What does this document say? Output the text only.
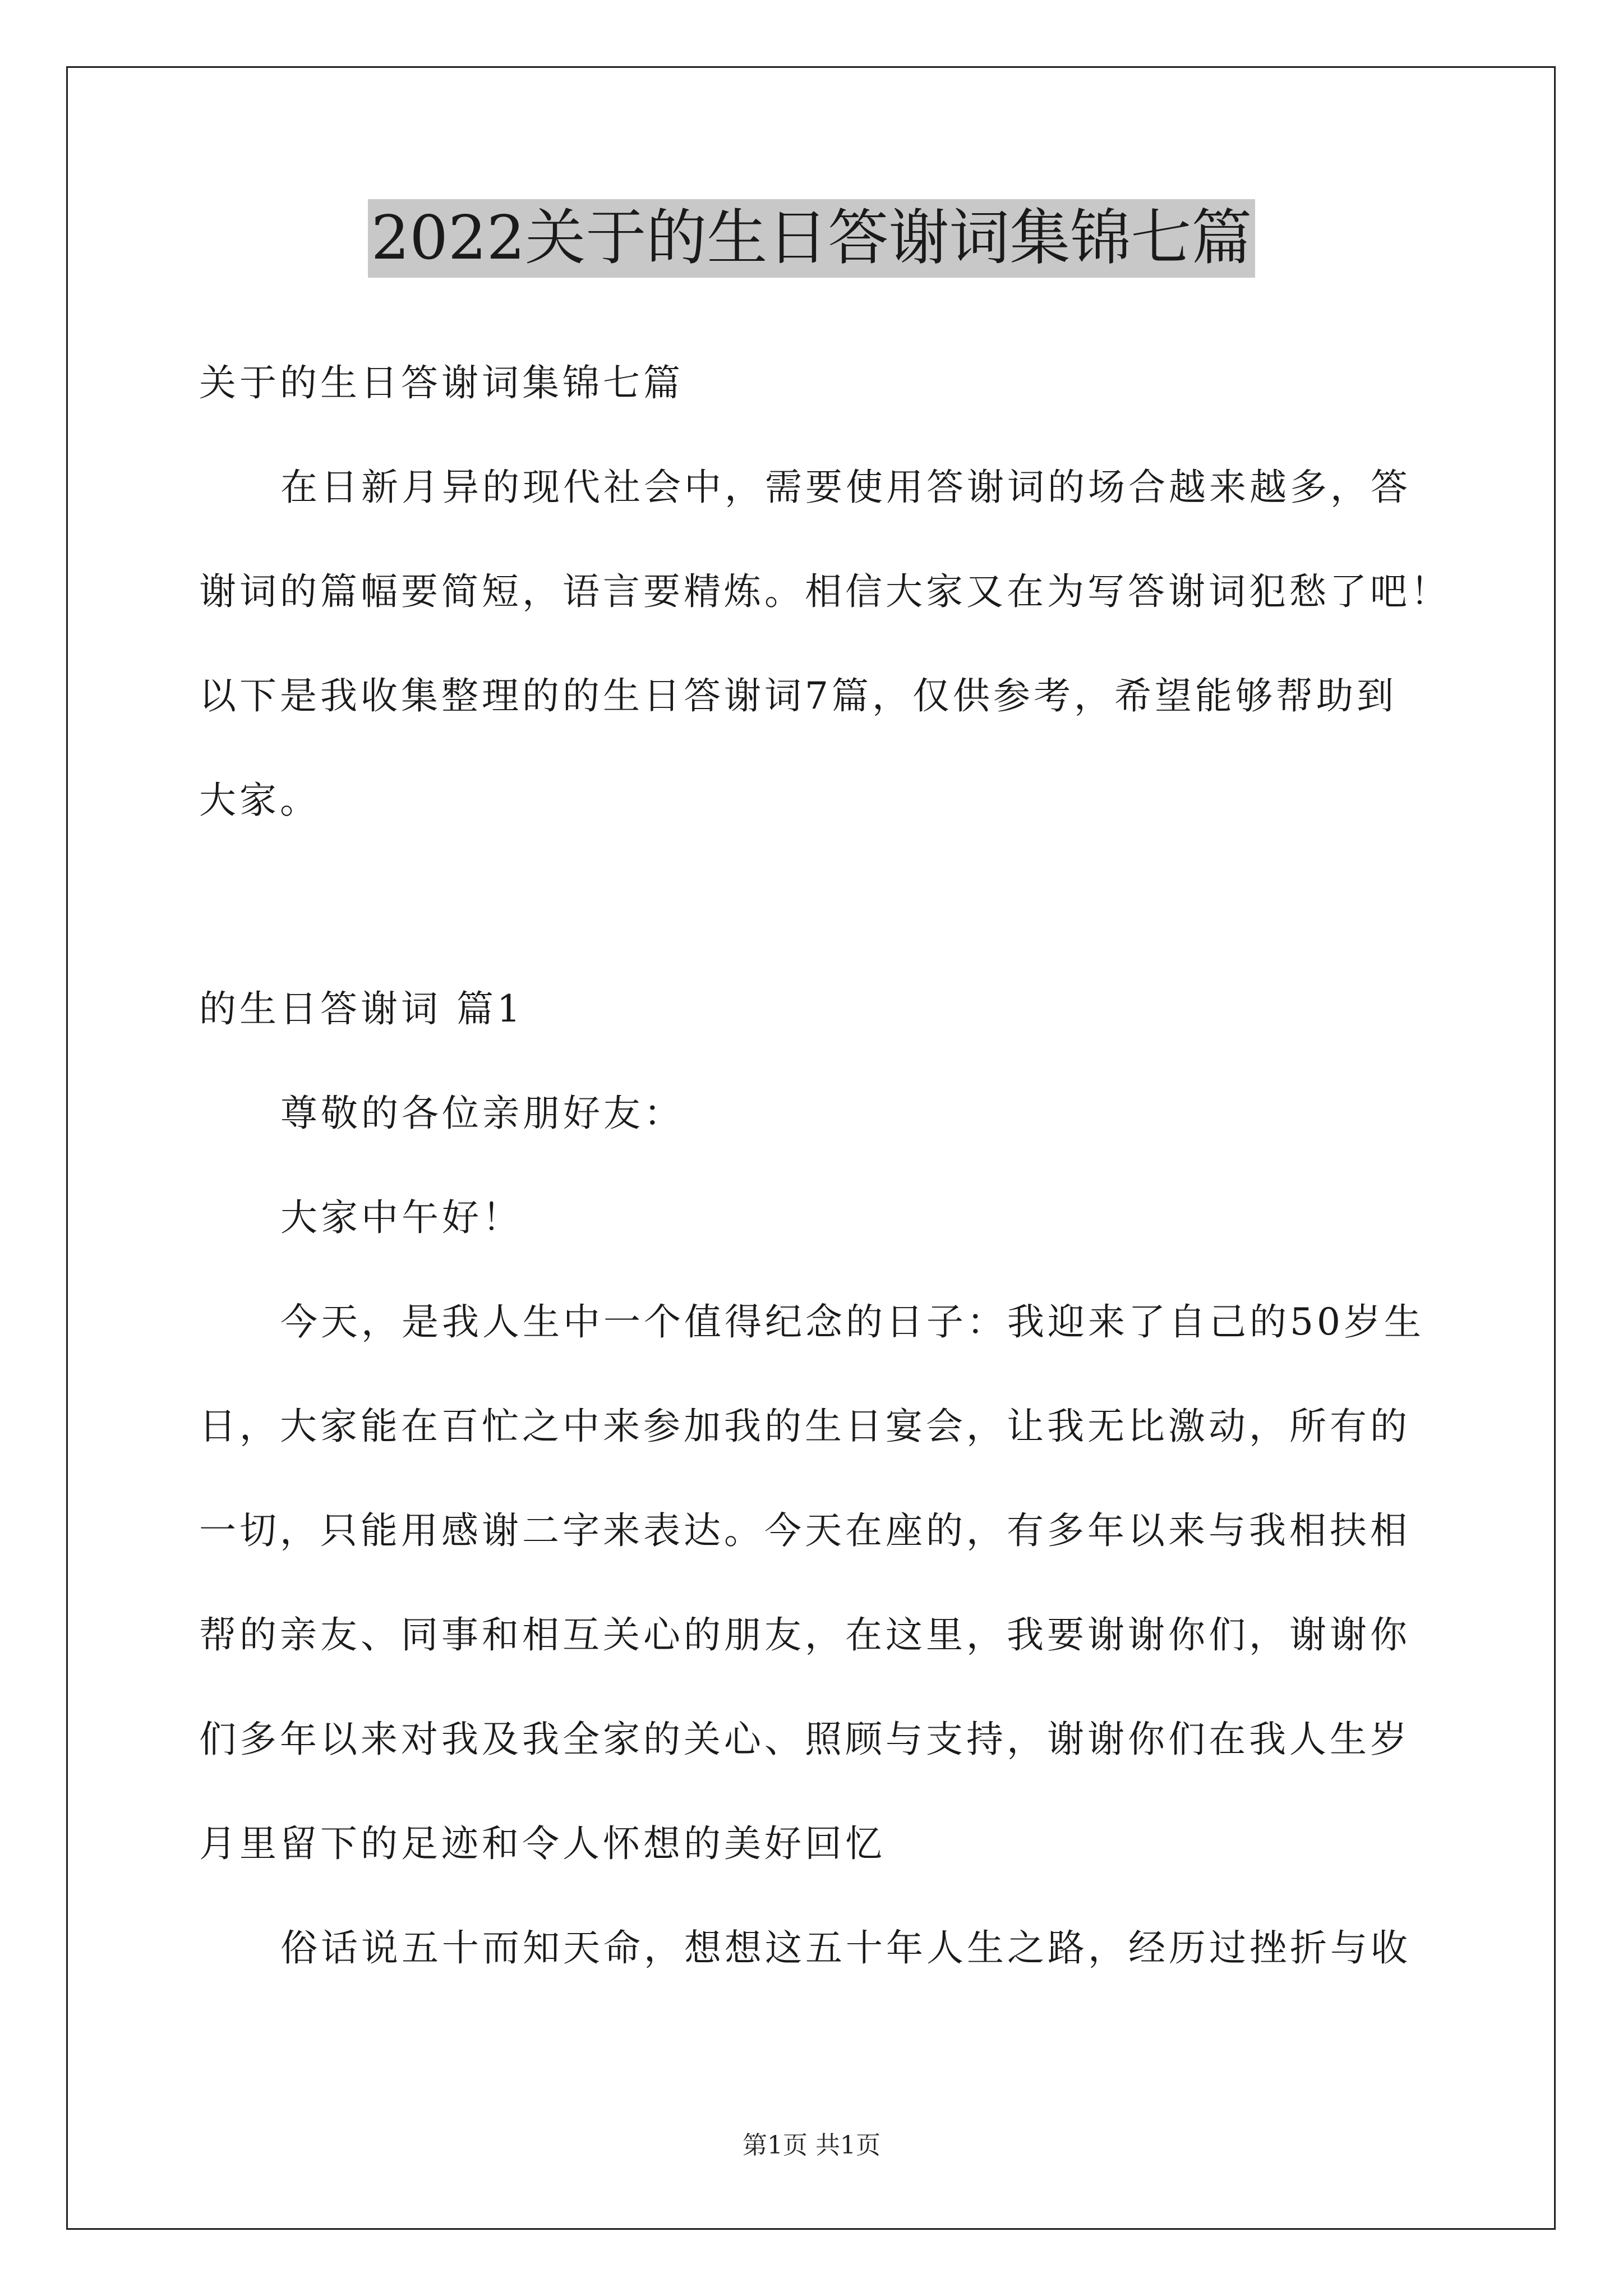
2022关于的生日答谢词集锦七篇
关于的生日答谢词集锦七篇
在日新月异的现代社会中，需要使用答谢词的场合越来越多，答
谢词的篇幅要简短，语言要精炼。相信大家又在为写答谢词犯愁了吧！
以下是我收集整理的的生日答谢词7篇，仅供参考，希望能够帮助到
大家。
的生日答谢词 篇1
尊敬的各位亲朋好友：
大家中午好！
今天，是我人生中一个值得纪念的日子：我迎来了自己的50岁生
日，大家能在百忙之中来参加我的生日宴会，让我无比激动，所有的
一切，只能用感谢二字来表达。今天在座的，有多年以来与我相扶相
帮的亲友、同事和相互关心的朋友，在这里，我要谢谢你们，谢谢你
们多年以来对我及我全家的关心、照顾与支持，谢谢你们在我人生岁
月里留下的足迹和令人怀想的美好回忆
俗话说五十而知天命，想想这五十年人生之路，经历过挫折与收
第1页 共1页
